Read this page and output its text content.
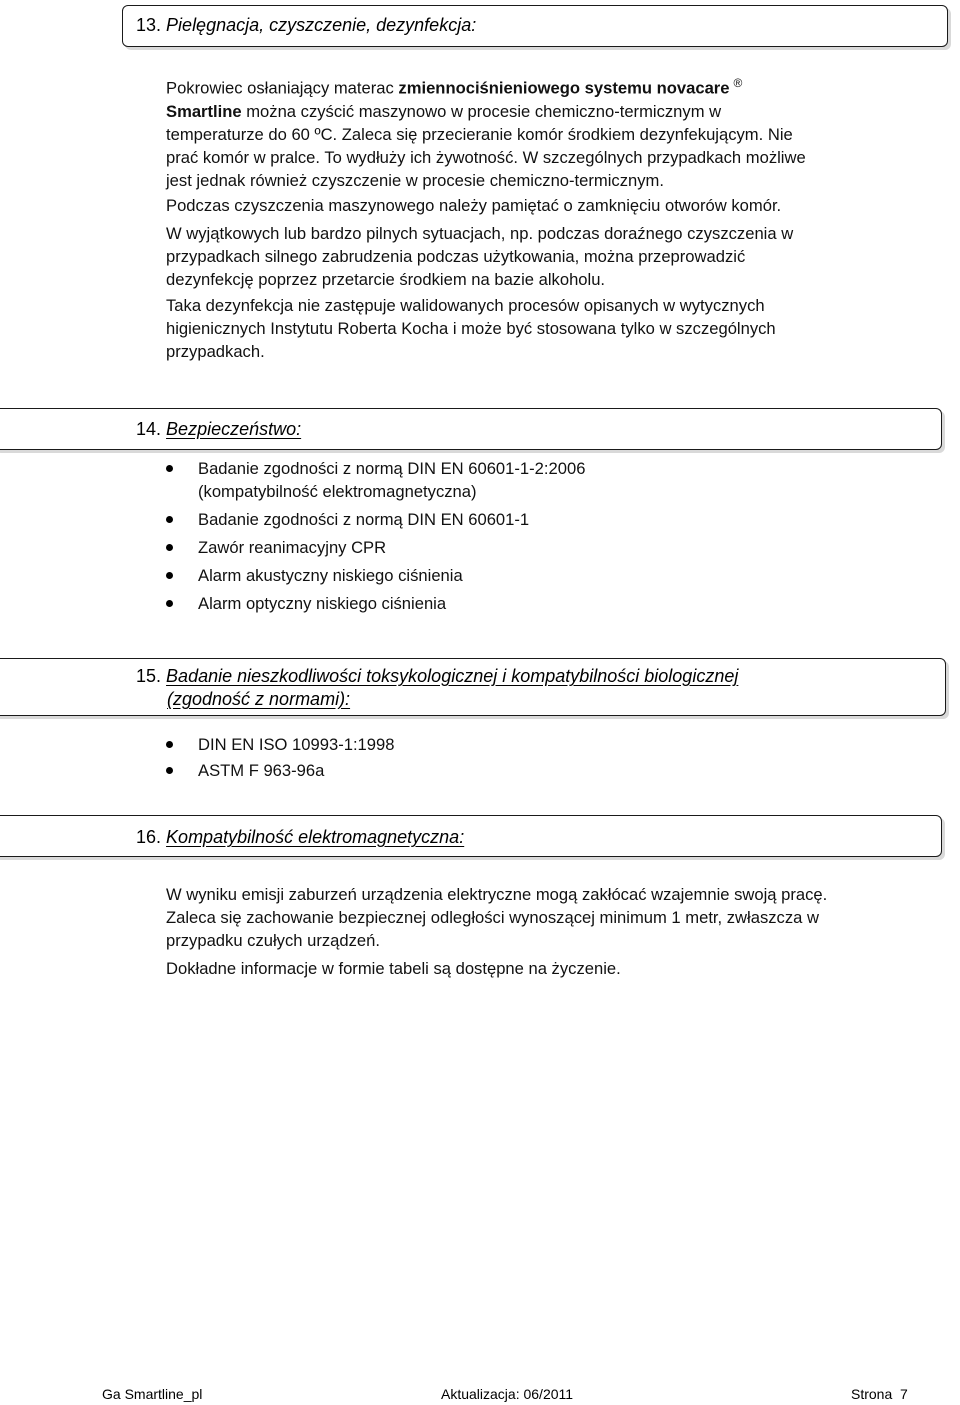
13. Pielęgnacja, czyszczenie, dezynfekcja:
Pokrowiec osłaniający materac zmiennociśnieniowego systemu novacare ®
Smartline można czyścić maszynowo w procesie chemiczno-termicznym w
temperaturze do 60 ºC. Zaleca się przecieranie komór środkiem dezynfekującym. Nie
prać komór w pralce. To wydłuży ich żywotność. W szczególnych przypadkach możliwe
jest jednak również czyszczenie w procesie chemiczno-termicznym.
Podczas czyszczenia maszynowego należy pamiętać o zamknięciu otworów komór.
W wyjątkowych lub bardzo pilnych sytuacjach, np. podczas doraźnego czyszczenia w
przypadkach silnego zabrudzenia podczas użytkowania, można przeprowadzić
dezynfekcję poprzez przetarcie środkiem na bazie alkoholu.
Taka dezynfekcja nie zastępuje walidowanych procesów opisanych w wytycznych
higienicznych Instytutu Roberta Kocha i może być stosowana tylko w szczególnych
przypadkach.
14. Bezpieczeństwo:
Badanie zgodności z normą DIN EN 60601-1-2:2006
(kompatybilność elektromagnetyczna)
Badanie zgodności z normą DIN EN 60601-1
Zawór reanimacyjny CPR
Alarm akustyczny niskiego ciśnienia
Alarm optyczny niskiego ciśnienia
15. Badanie nieszkodliwości toksykologicznej i kompatybilności biologicznej
(zgodność z normami):
DIN EN ISO 10993-1:1998
ASTM F 963-96a
16. Kompatybilność elektromagnetyczna:
W wyniku emisji zaburzeń urządzenia elektryczne mogą zakłócać wzajemnie swoją pracę.
Zaleca się zachowanie bezpiecznej odległości wynoszącej minimum 1 metr, zwłaszcza w
przypadku czułych urządzeń.
Dokładne informacje w formie tabeli są dostępne na życzenie.
Ga Smartline_pl	Aktualizacja: 06/2011	Strona  7
